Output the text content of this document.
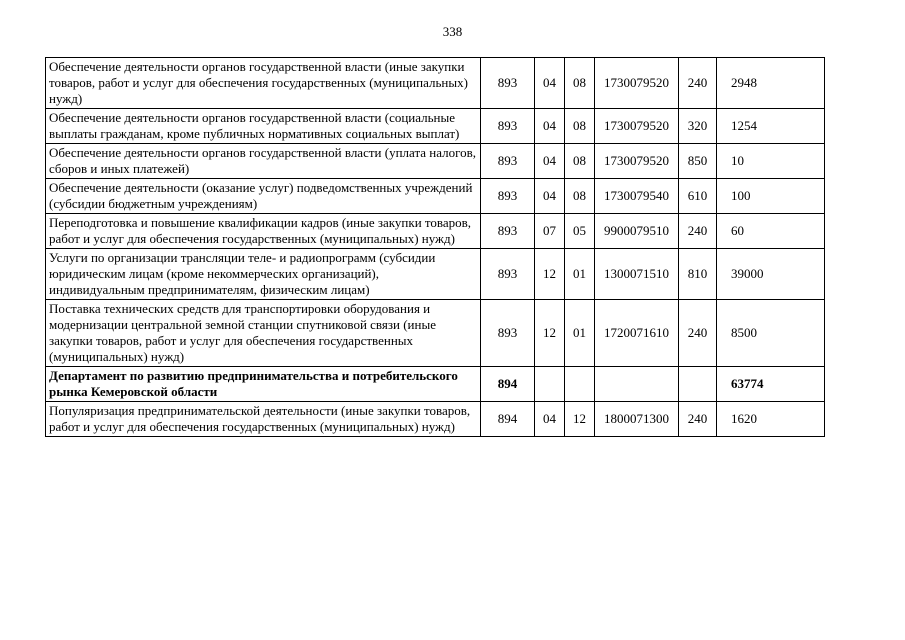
338
Обеспечение деятельности органов государственной власти (иные закупки товаров, работ и услуг для обеспечения государственных (муниципальных) нужд)	893	04	08	1730079520	240	2948
Обеспечение деятельности органов государственной власти (социальные выплаты гражданам, кроме публичных нормативных социальных выплат)	893	04	08	1730079520	320	1254
Обеспечение деятельности органов государственной власти (уплата налогов, сборов и иных платежей)	893	04	08	1730079520	850	10
Обеспечение деятельности (оказание услуг) подведомственных учреждений (субсидии бюджетным учреждениям)	893	04	08	1730079540	610	100
Переподготовка и повышение квалификации кадров (иные закупки товаров, работ и услуг для обеспечения государственных (муниципальных) нужд)	893	07	05	9900079510	240	60
Услуги по организации трансляции теле- и радиопрограмм (субсидии юридическим лицам (кроме некоммерческих организаций), индивидуальным предпринимателям, физическим лицам)	893	12	01	1300071510	810	39000
Поставка технических средств для транспортировки оборудования и модернизации центральной земной станции спутниковой связи (иные закупки товаров, работ и услуг для обеспечения государственных (муниципальных) нужд)	893	12	01	1720071610	240	8500
Департамент по развитию предпринимательства и потребительского рынка Кемеровской области	894					63774
Популяризация предпринимательской деятельности (иные закупки товаров, работ и услуг для обеспечения государственных (муниципальных) нужд)	894	04	12	1800071300	240	1620
